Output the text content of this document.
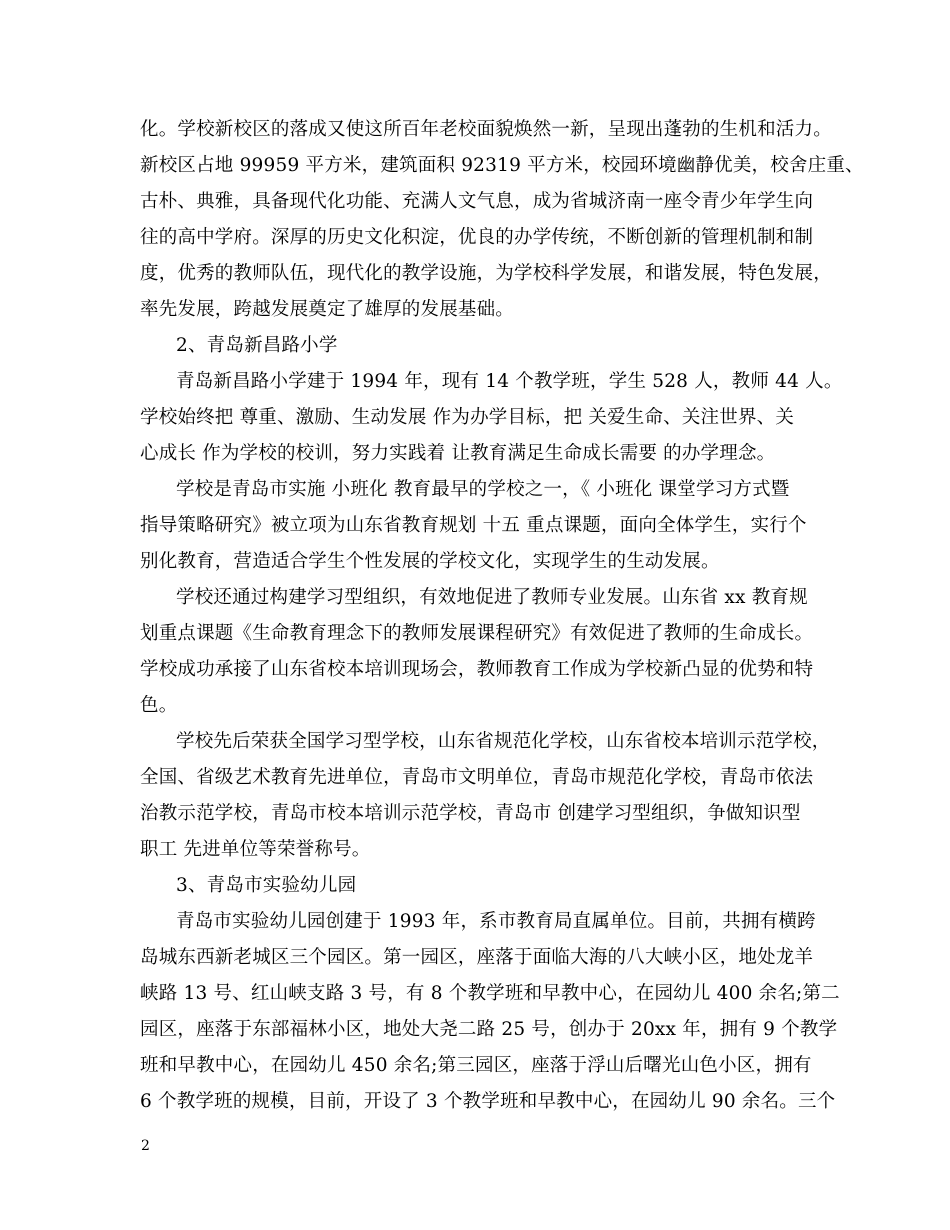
化。学校新校区的落成又使这所百年老校面貌焕然一新，呈现出蓬勃的生机和活力。
新校区占地 99959 平方米，建筑面积 92319 平方米，校园环境幽静优美，校舍庄重、
古朴、典雅，具备现代化功能、充满人文气息，成为省城济南一座令青少年学生向
往的高中学府。深厚的历史文化积淀，优良的办学传统，不断创新的管理机制和制
度，优秀的教师队伍，现代化的教学设施，为学校科学发展，和谐发展，特色发展，
率先发展，跨越发展奠定了雄厚的发展基础。
2、青岛新昌路小学
青岛新昌路小学建于 1994 年，现有 14 个教学班，学生 528 人，教师 44 人。
学校始终把 尊重、激励、生动发展 作为办学目标，把 关爱生命、关注世界、关
心成长 作为学校的校训，努力实践着 让教育满足生命成长需要 的办学理念。
学校是青岛市实施 小班化 教育最早的学校之一，《 小班化 课堂学习方式暨
指导策略研究》被立项为山东省教育规划 十五 重点课题，面向全体学生，实行个
别化教育，营造适合学生个性发展的学校文化，实现学生的生动发展。
学校还通过构建学习型组织，有效地促进了教师专业发展。山东省 xx 教育规
划重点课题《生命教育理念下的教师发展课程研究》有效促进了教师的生命成长。
学校成功承接了山东省校本培训现场会，教师教育工作成为学校新凸显的优势和特
色。
学校先后荣获全国学习型学校，山东省规范化学校，山东省校本培训示范学校，
全国、省级艺术教育先进单位，青岛市文明单位，青岛市规范化学校，青岛市依法
治教示范学校，青岛市校本培训示范学校，青岛市 创建学习型组织，争做知识型
职工 先进单位等荣誉称号。
3、青岛市实验幼儿园
青岛市实验幼儿园创建于 1993 年，系市教育局直属单位。目前，共拥有横跨
岛城东西新老城区三个园区。第一园区，座落于面临大海的八大峡小区，地处龙羊
峡路 13 号、红山峡支路 3 号，有 8 个教学班和早教中心，在园幼儿 400 余名;第二
园区，座落于东部福林小区，地处大尧二路 25 号，创办于 20xx 年，拥有 9 个教学
班和早教中心，在园幼儿 450 余名;第三园区，座落于浮山后曙光山色小区，拥有
6 个教学班的规模，目前，开设了 3 个教学班和早教中心，在园幼儿 90 余名。三个
2
